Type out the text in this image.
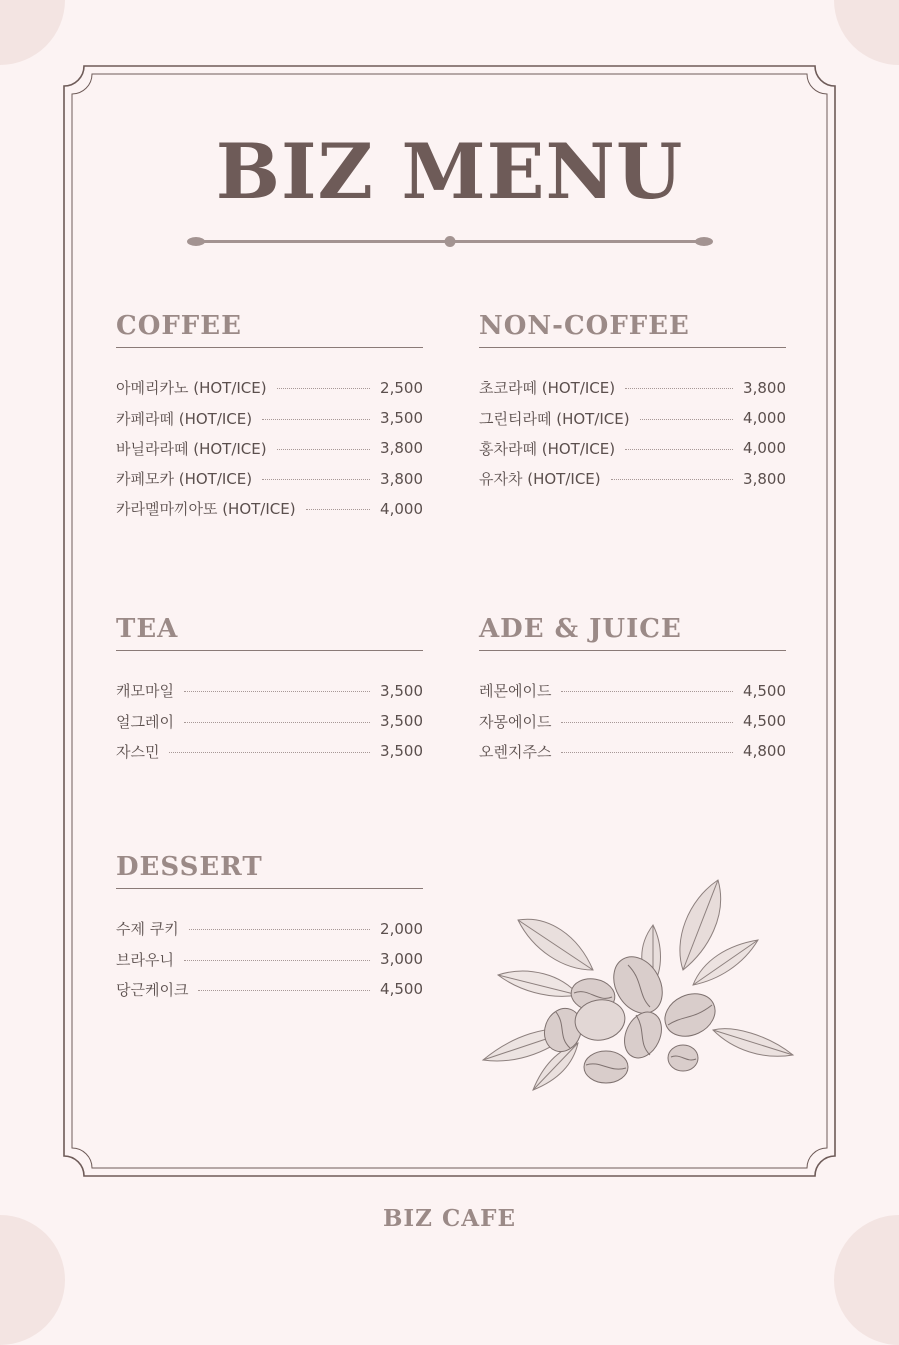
BIZ MENU
COFFEE
아메리카노 (HOT/ICE)	2,500
카페라떼 (HOT/ICE)	3,500
바닐라라떼 (HOT/ICE)	3,800
카페모카 (HOT/ICE)	3,800
카라멜마끼아또 (HOT/ICE)	4,000
NON-COFFEE
초코라떼 (HOT/ICE)	3,800
그린티라떼 (HOT/ICE)	4,000
홍차라떼 (HOT/ICE)	4,000
유자차 (HOT/ICE)	3,800
TEA
캐모마일	3,500
얼그레이	3,500
자스민	3,500
ADE & JUICE
레몬에이드	4,500
자몽에이드	4,500
오렌지주스	4,800
DESSERT
수제 쿠키	2,000
브라우니	3,000
당근케이크	4,500
BIZ CAFE
